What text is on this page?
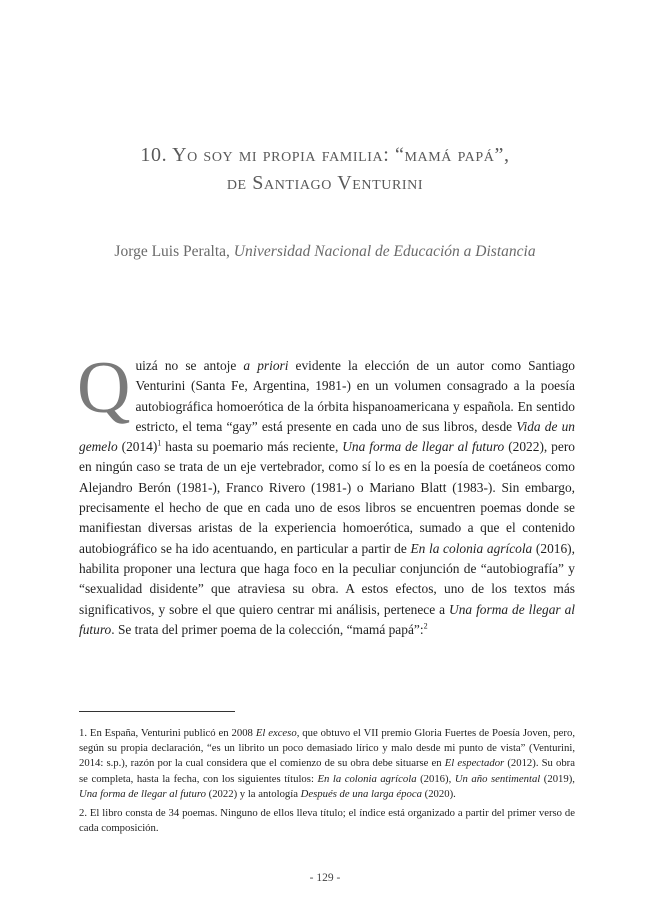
10. Yo soy mi propia familia: “mamá papá”,
de Santiago Venturini
Jorge Luis Peralta, Universidad Nacional de Educación a Distancia

Quizá no se antoje a priori evidente la elección de un autor como Santiago Venturini (Santa Fe, Argentina, 1981-) en un volumen consagrado a la poesía autobiográfica homoerótica de la órbita hispanoamericana y española. En sentido estricto, el tema “gay” está presente en cada uno de sus libros, desde Vida de un gemelo $(2014)^1$ hasta su poemario más reciente, Una forma de llegar al futuro (2022), pero en ningún caso se trata de un eje vertebrador, como sí lo es en la poesía de coetáneos como Alejandro Berón (1981-), Franco Rivero (1981-) o Mariano Blatt (1983-). Sin embargo, precisamente el hecho de que en cada uno de esos libros se encuentren poemas donde se manifiestan diversas aristas de la experiencia homoerótica, sumado a que el contenido autobiográfico se ha ido acentuando, en particular a partir de En la colonia agrícola (2016), habilita proponer una lectura que haga foco en la peculiar conjunción de “autobiografía” y “sexualidad disidente” que atraviesa su obra. A estos efectos, uno de los textos más significativos, y sobre el que quiero centrar mi análisis, pertenece a Una forma de llegar al futuro. Se trata del primer poema de la colección, “mamá papá”:$^2$

1. En España, Venturini publicó en 2008 El exceso, que obtuvo el VII premio Gloria Fuertes de Poesía Joven, pero, según su propia declaración, “es un librito un poco demasiado lírico y malo desde mi punto de vista” (Venturini, 2014: s.p.), razón por la cual considera que el comienzo de su obra debe situarse en El espectador (2012). Su obra se completa, hasta la fecha, con los siguientes títulos: En la colonia agrícola (2016), Un año sentimental (2019), Una forma de llegar al futuro (2022) y la antología Después de una larga época (2020).

2. El libro consta de 34 poemas. Ninguno de ellos lleva título; el índice está organizado a partir del primer verso de cada composición.

- 129 -
